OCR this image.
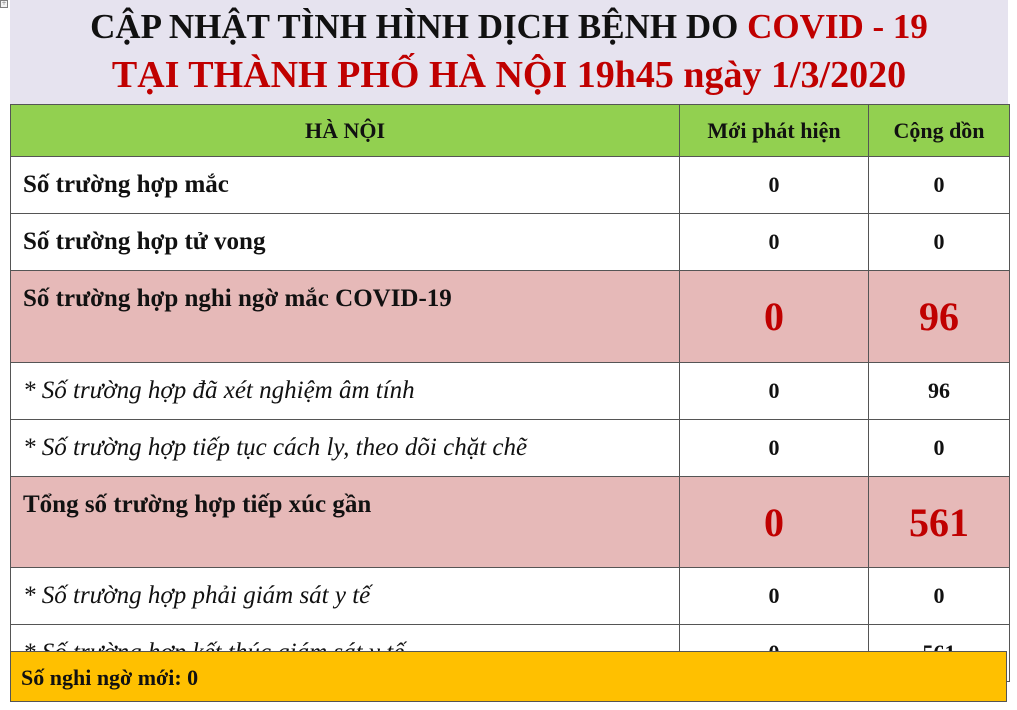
+
CẬP NHẬT TÌNH HÌNH DỊCH BỆNH DO COVID - 19
TẠI THÀNH PHỐ HÀ NỘI 19h45 ngày 1/3/2020
HÀ NỘI	Mới phát hiện	Cộng dồn
Số trường hợp mắc	0	0
Số trường hợp tử vong	0	0
Số trường hợp nghi ngờ mắc COVID-19	0	96
* Số trường hợp đã xét nghiệm âm tính	0	96
* Số trường hợp tiếp tục cách ly, theo dõi chặt chẽ	0	0
Tổng số trường hợp tiếp xúc gần	0	561
* Số trường hợp phải giám sát y tế	0	0

Số nghi ngờ mới: 0
